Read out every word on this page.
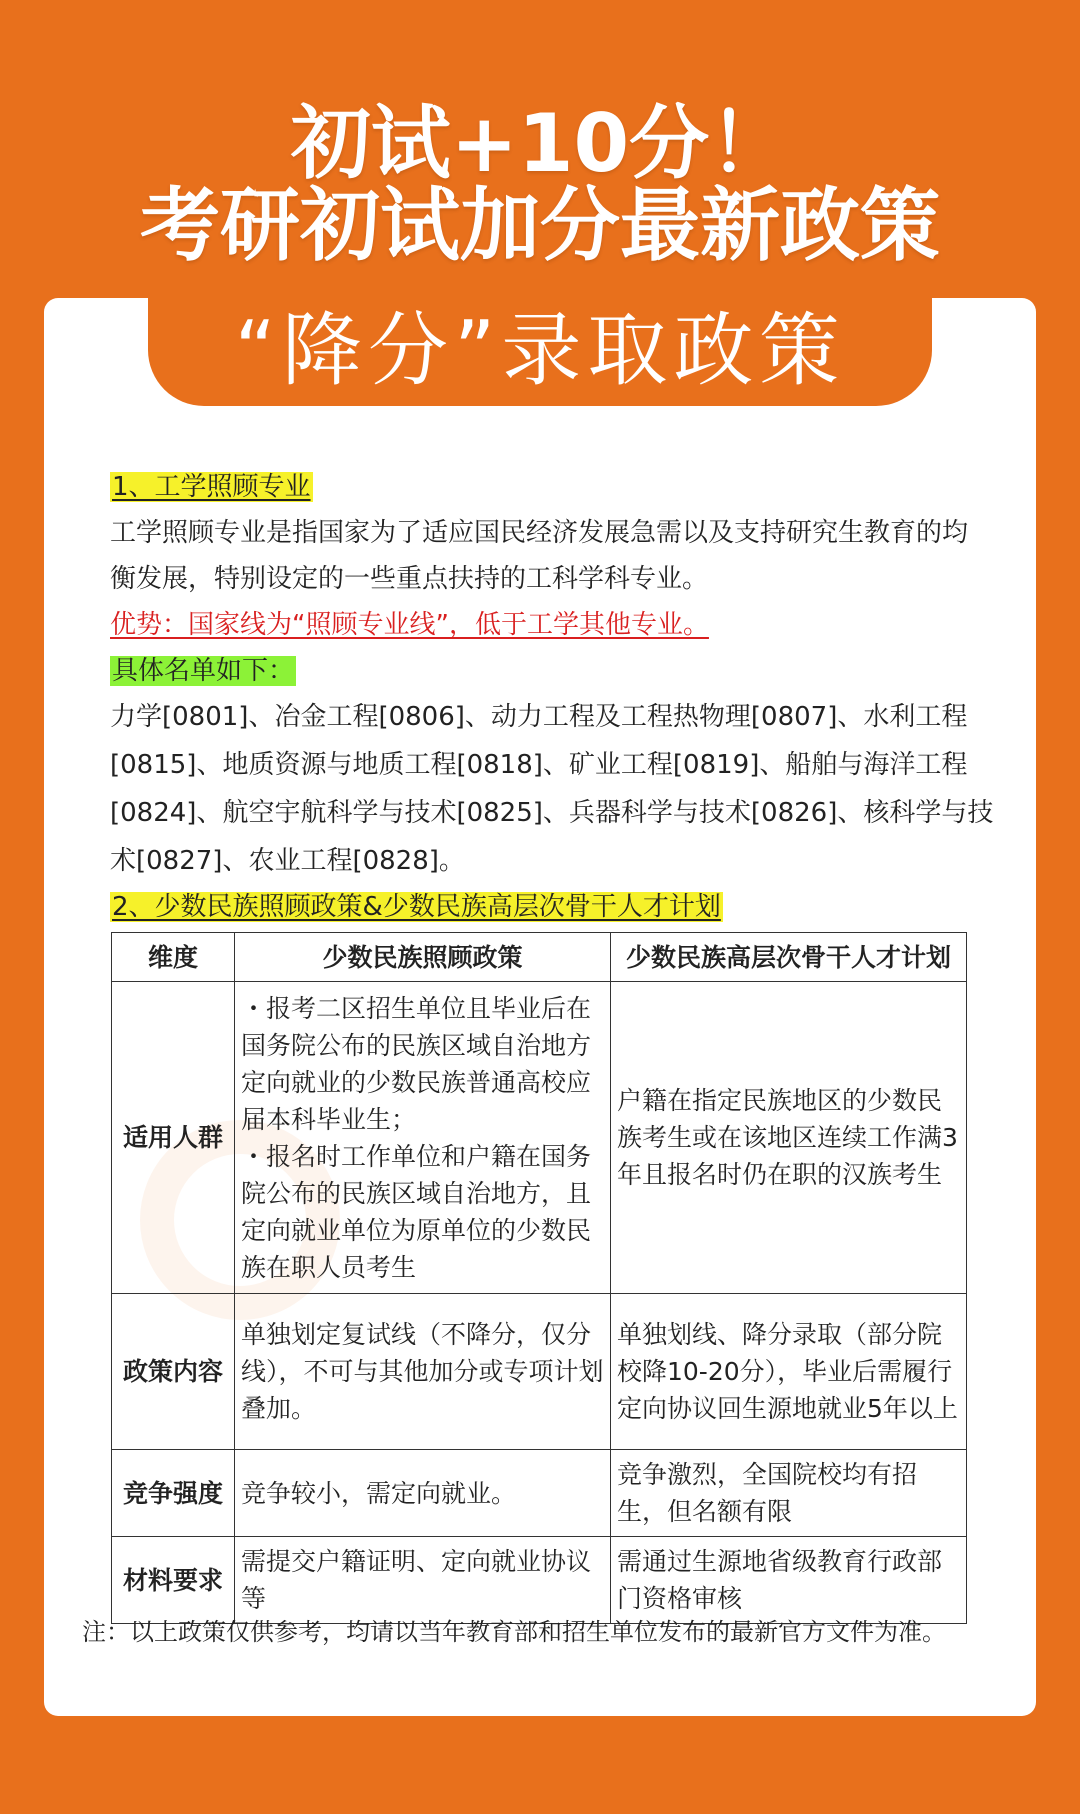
初试+10分！
考研初试加分最新政策
“降分”录取政策
1、工学照顾专业
工学照顾专业是指国家为了适应国民经济发展急需以及支持研究生教育的均
衡发展，特别设定的一些重点扶持的工科学科专业。
优势：国家线为“照顾专业线”，低于工学其他专业。
具体名单如下：
力学[0801]、冶金工程[0806]、动力工程及工程热物理[0807]、水利工程
[0815]、地质资源与地质工程[0818]、矿业工程[0819]、船舶与海洋工程
[0824]、航空宇航科学与技术[0825]、兵器科学与技术[0826]、核科学与技
术[0827]、农业工程[0828]。
2、少数民族照顾政策&少数民族高层次骨干人才计划
维度	少数民族照顾政策	少数民族高层次骨干人才计划
适用人群	・报考二区招生单位且毕业后在国务院公布的民族区域自治地方定向就业的少数民族普通高校应届本科毕业生；
・报名时工作单位和户籍在国务院公布的民族区域自治地方，且定向就业单位为原单位的少数民族在职人员考生	户籍在指定民族地区的少数民族考生或在该地区连续工作满3年且报名时仍在职的汉族考生
政策内容	单独划定复试线（不降分，仅分线），不可与其他加分或专项计划叠加。	单独划线、降分录取（部分院校降10-20分），毕业后需履行定向协议回生源地就业5年以上
竞争强度	竞争较小，需定向就业。	竞争激烈，全国院校均有招生，但名额有限
材料要求	需提交户籍证明、定向就业协议等	需通过生源地省级教育行政部门资格审核
注：以上政策仅供参考，均请以当年教育部和招生单位发布的最新官方文件为准。
